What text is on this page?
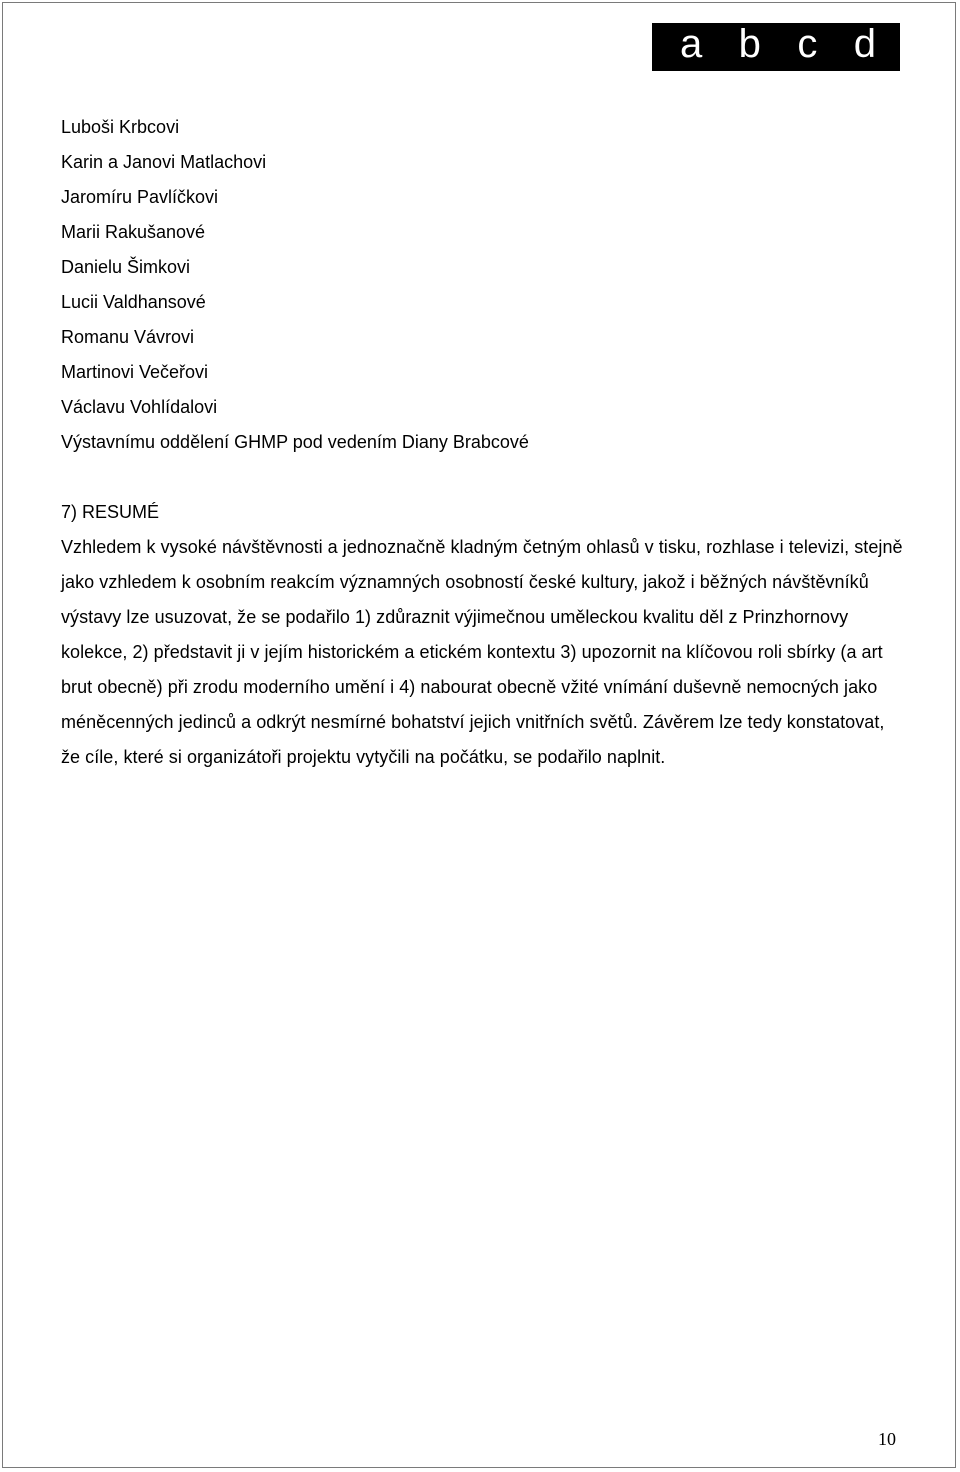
a b c d
Luboši Krbcovi
Karin a Janovi Matlachovi
Jaromíru Pavlíčkovi
Marii Rakušanové
Danielu Šimkovi
Lucii Valdhansové
Romanu Vávrovi
Martinovi Večeřovi
Václavu Vohlídalovi
Výstavnímu oddělení GHMP pod vedením Diany Brabcové
7) RESUMÉ

Vzhledem k vysoké návštěvnosti a jednoznačně kladným četným ohlasů v tisku, rozhlase i televizi, stejně jako vzhledem k osobním reakcím významných osobností české kultury, jakož i běžných návštěvníků výstavy lze usuzovat, že se podařilo 1) zdůraznit výjimečnou uměleckou kvalitu děl z Prinzhornovy kolekce, 2) představit ji v jejím historickém a etickém kontextu 3) upozornit na klíčovou roli sbírky (a art brut obecně) při zrodu moderního umění i 4) nabourat obecně vžité vnímání duševně nemocných jako méněcenných jedinců a odkrýt nesmírné bohatství jejich vnitřních světů. Závěrem lze tedy konstatovat, že cíle, které si organizátoři projektu vytyčili na počátku, se podařilo naplnit.

10
